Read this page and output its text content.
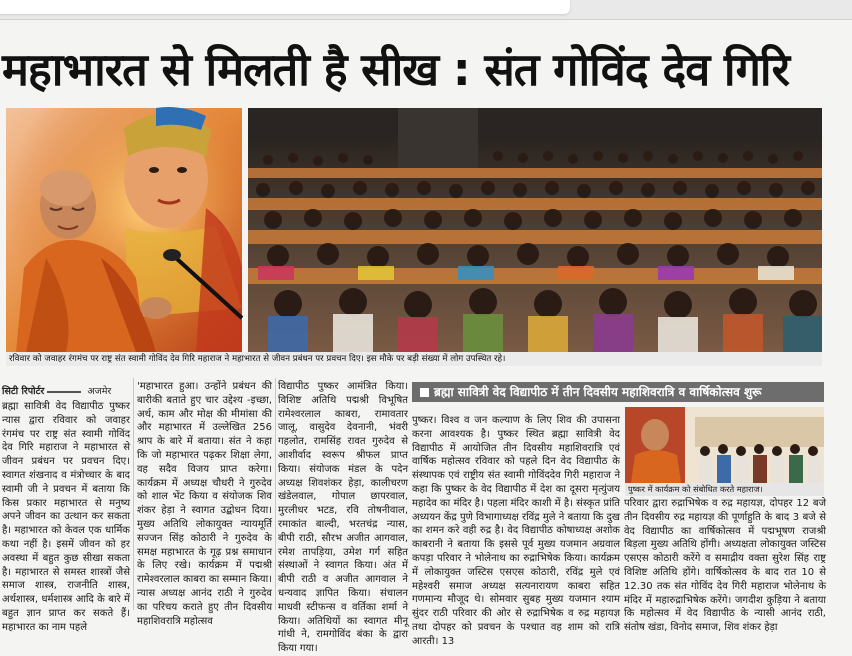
महाभारत से मिलती है सीख : संत गोविंद देव गिरि
रविवार को जवाहर रंगमंच पर राष्ट्र संत स्वामी गोविंद देव गिरि महाराज ने महाभारत से जीवन प्रबंधन पर प्रवचन दिए। इस मौके पर बड़ी संख्या में लोग उपस्थित रहे।
सिटी रिपोर्टर	अजमेर
ब्रह्मा सावित्री वेद विद्यापीठ पुष्कर न्यास द्वारा रविवार को जवाहर रंगमंच पर राष्ट्र संत स्वामी गोविंद देव गिरि महाराज ने महाभारत से जीवन प्रबंधन पर प्रवचन दिए। स्वागत शंखनाद व मंत्रोच्चार के बाद स्वामी जी ने प्रवचन में बताया कि किस प्रकार महाभारत से मनुष्य अपने जीवन का उत्थान कर सकता है। महाभारत को केवल एक धार्मिक कथा नहीं है। इसमें जीवन को हर अवस्था में बहुत कुछ सीखा सकता है। महाभारत से समस्त शास्त्रों जैसे समाज शास्त्र, राजनीति शास्त्र, अर्थशास्त्र, धर्मशास्त्र आदि के बारे में बहुत ज्ञान प्राप्त कर सकते हैं। महाभारत का नाम पहले
'महाभारत हुआ। उन्होंने प्रबंधन की बारीकी बताते हुए चार उद्देश्य -इच्छा, अर्थ, काम और मोक्ष की मीमांसा की और महाभारत में उल्लेखित 256 श्राप के बारे में बताया। संत ने कहा कि जो महाभारत पढ़कर शिक्षा लेगा, वह सदैव विजय प्राप्त करेगा। कार्यक्रम में अध्यक्ष चौधरी ने गुरुदेव को शाल भेंट किया व संयोजक शिव शंकर हेड़ा ने स्वागत उद्बोधन दिया। मुख्य अतिथि लोकायुक्त न्यायमूर्ति सज्जन सिंह कोठारी ने गुरुदेव के समक्ष महाभारत के गूढ़ प्रश्न समाधान के लिए रखे। कार्यक्रम में पद्मश्री रामेश्वरलाल काबरा का सम्मान किया। न्यास अध्यक्ष आनंद राठी ने गुरुदेव का परिचय कराते हुए तीन दिवसीय महाशिवरात्रि महोत्सव
विद्यापीठ पुष्कर आमंत्रित किया। विशिष्ट अतिथि पद्मश्री विभूषित रामेश्वरलाल काबरा, रामावतार जालू, वासुदेव देवनानी, भंवरी गहलोत, रामसिंह रावत गुरुदेव से आशीर्वाद स्वरूप श्रीफल प्राप्त किया। संयोजक मंडल के पदेन अध्यक्ष शिवशंकर हेड़ा, कालीचरण खंडेलवाल, गोपाल छापरवाल, मुरलीधर भटड, रवि तोषनीवाल, रमाकांत बाल्दी, भरतचंद्र न्यास, बीपी राठी, सौरभ अजीत आगवाल, रमेश तापड़िया, उमेश गर्ग सहित संस्थाओं ने स्वागत किया। अंत में बीपी राठी व अजीत आगवाल ने धन्यवाद ज्ञापित किया। संचालन माधवी स्टीफन्स व वर्तिका शर्मा ने किया। अतिथियों का स्वागत मीनू गांधी ने, रामगोविंद बंका के द्वारा किया गया।
ब्रह्मा सावित्री वेद विद्यापीठ में तीन दिवसीय महाशिवरात्रि व वार्षिकोत्सव शुरू
पुष्कर। विश्व व जन कल्याण के लिए शिव की उपासना करना आवश्यक है। पुष्कर स्थित ब्रह्मा सावित्री वेद विद्यापीठ में आयोजित तीन दिवसीय महाशिवरात्रि एवं वार्षिक महोत्सव रविवार को पहले दिन वेद विद्यापीठ के संस्थापक एवं राष्ट्रीय संत स्वामी गोविंददेव गिरी महाराज ने कहा कि पुष्कर के वेद विद्यापीठ में देश का दूसरा मृत्युंजय महादेव का मंदिर है। पहला मंदिर काशी में है। संस्कृत प्रांति अध्ययन केंद्र पुणे विभागाध्यक्ष रविंद्र मुले ने बताया कि दुख का शमन करे वही रुद्र है। वेद विद्यापीठ कोषाध्यक्ष अशोक काबरानी ने बताया कि इससे पूर्व मुख्य यजमान अग्रवाल कपड़ा परिवार ने भोलेनाथ का रुद्राभिषेक किया। कार्यक्रम में लोकायुक्त जस्टिस एसएस कोठारी, रविंद्र मुले एवं महेश्वरी समाज अध्यक्ष सत्यनारायण काबरा सहित गणमान्य मौजूद थे। सोमवार सुबह मुख्य यजमान श्याम सुंदर राठी परिवार की ओर से रुद्राभिषेक व रुद्र महायज्ञ तथा दोपहर को प्रवचन के पश्चात वह शाम को रात्रि आरती। 13
पुष्कर में कार्यक्रम को संबोधित करते महाराज।
परिवार द्वारा रुद्राभिषेक व रुद्र महायज्ञ, दोपहर 12 बजे तीन दिवसीय रुद्र महायज्ञ की पूर्णाहुति के बाद 3 बजे से वेद विद्यापीठ का वार्षिकोत्सव में पद्मभूषण राजश्री बिड़ला मुख्य अतिथि होंगी। अध्यक्षता लोकायुक्त जस्टिस एसएस कोठारी करेंगे व समाद्रीय वक्ता सुरेश सिंह राष्ट्र विशिष्ट अतिथि होंगे। वार्षिकोत्सव के बाद रात 10 से 12.30 तक संत गोविंद देव गिरी महाराज भोलेनाथ के मंदिर में महारुद्राभिषेक करेंगे। जगदीश कुड़िया ने बताया कि महोत्सव में वेद विद्यापीठ के न्यासी आनंद राठी, संतोष खंडा, विनोद समाज, शिव शंकर हेड़ा
